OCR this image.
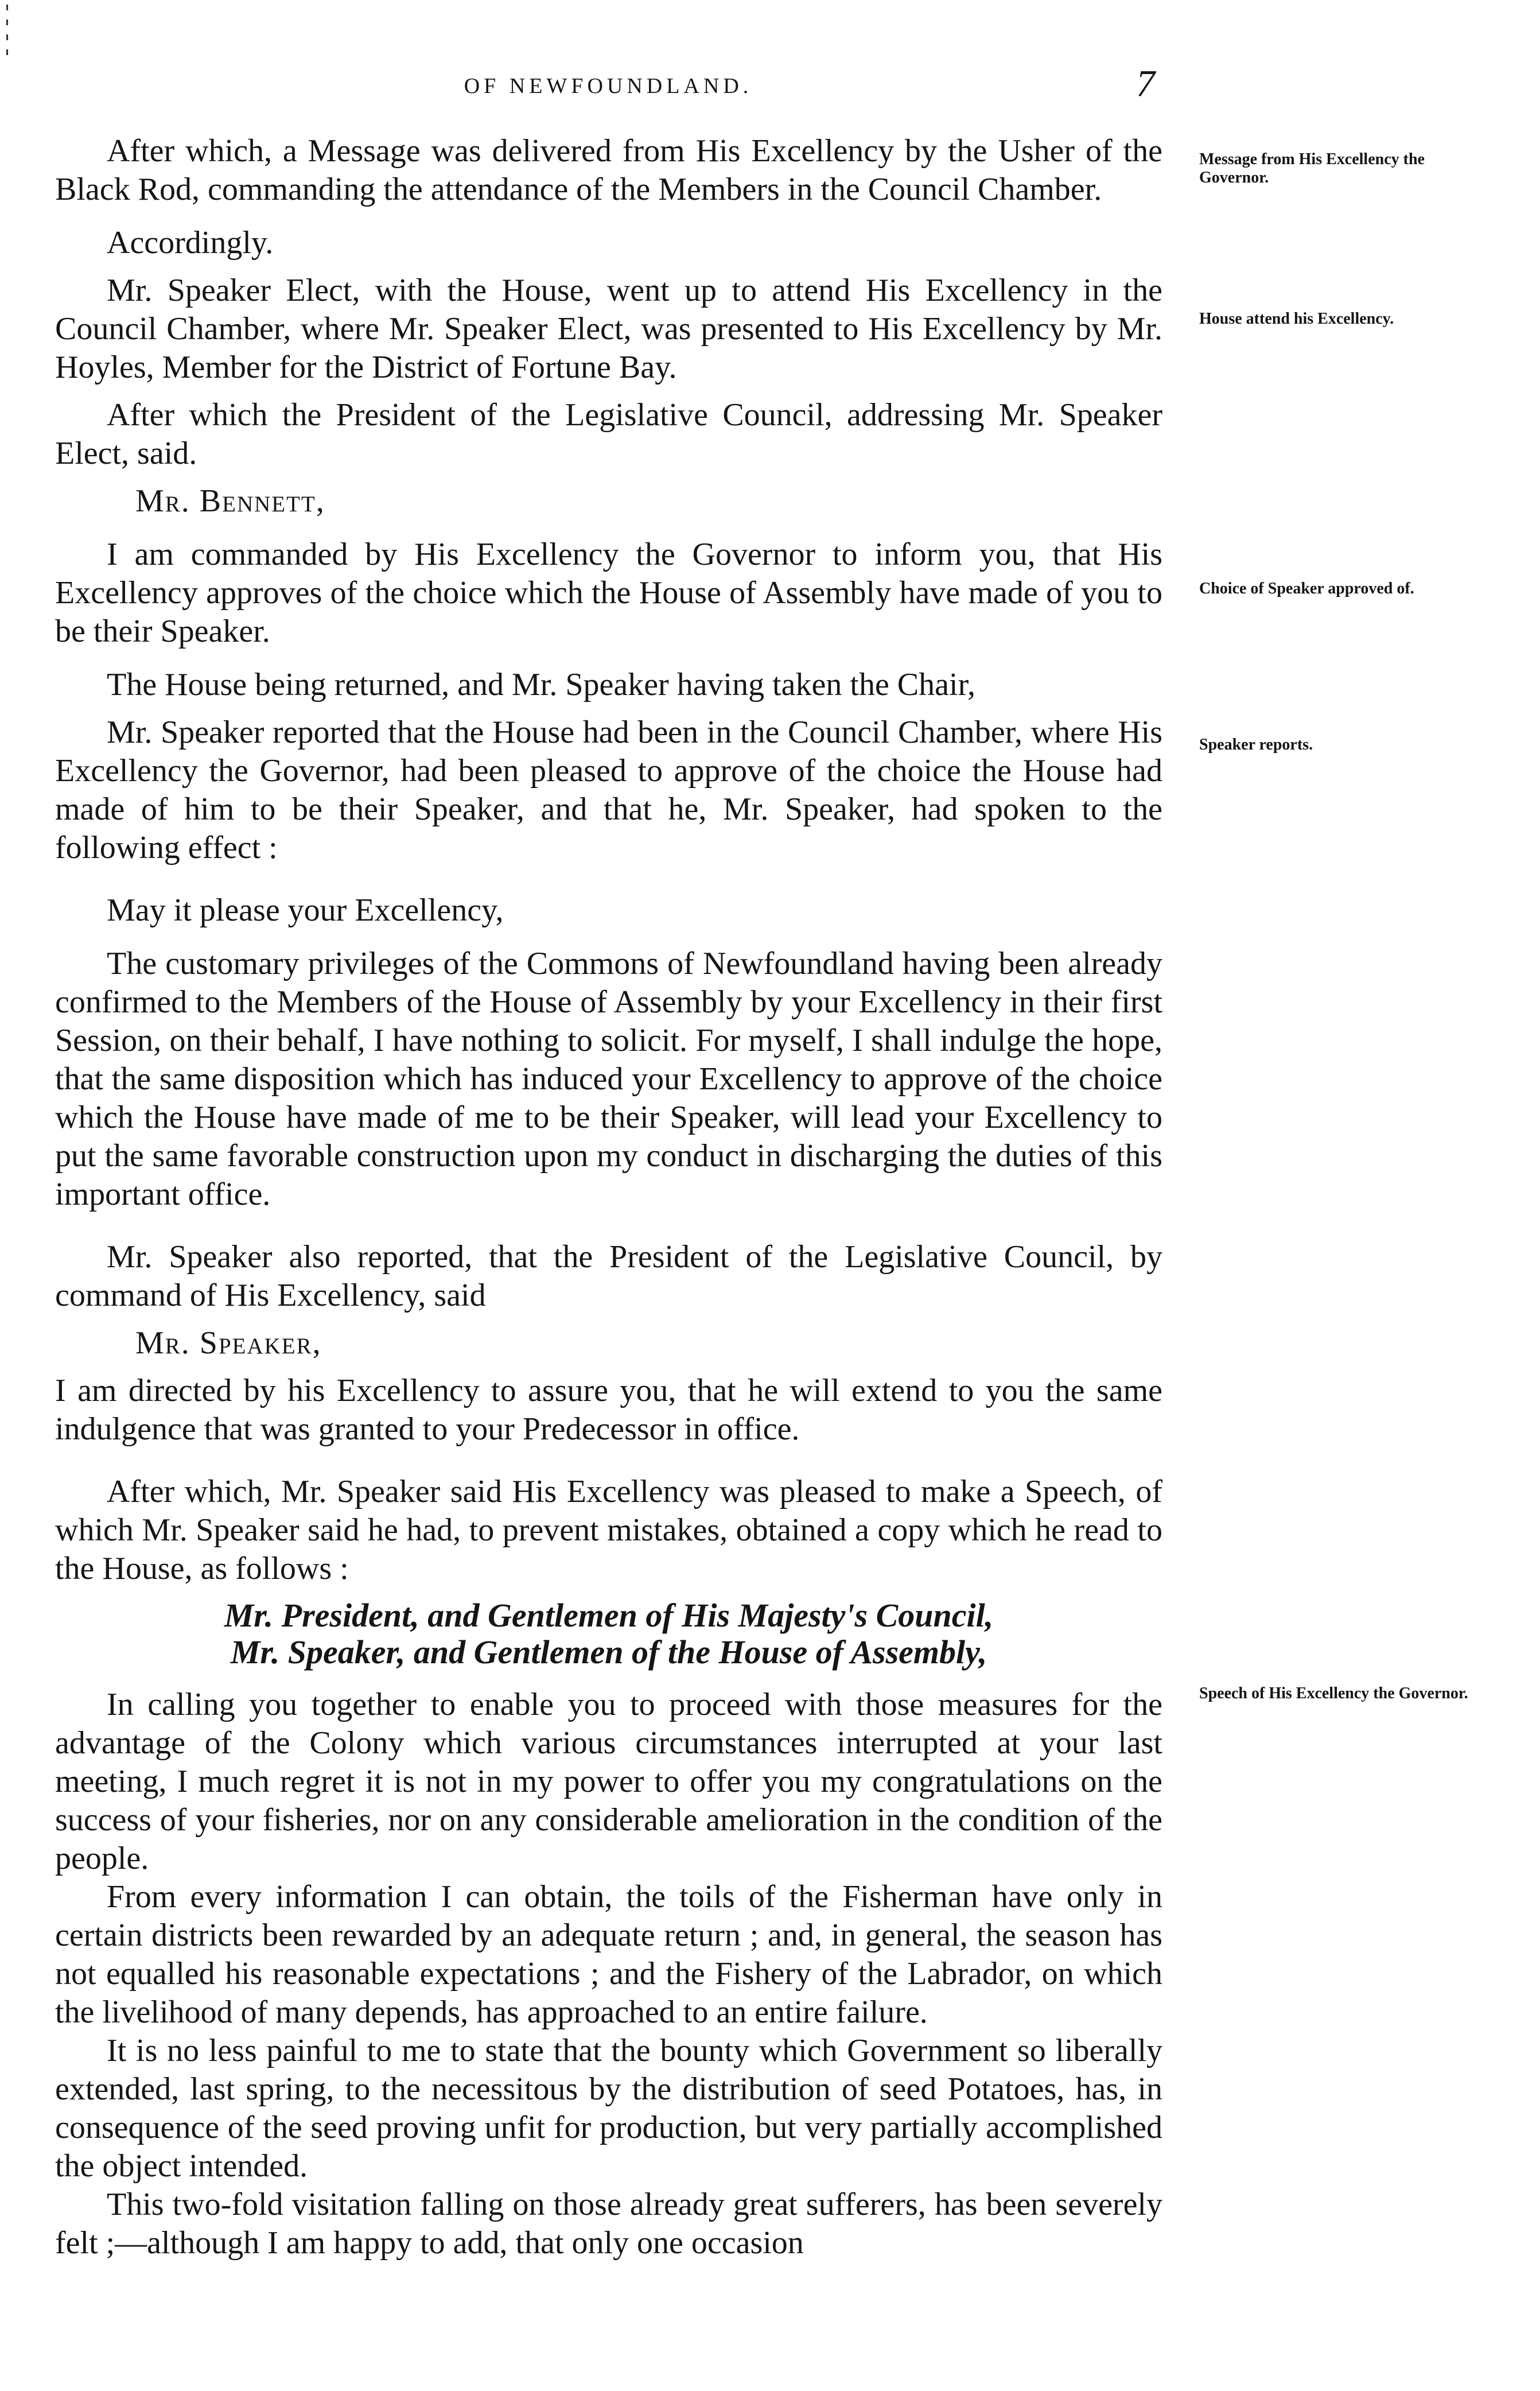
OF NEWFOUNDLAND.	7
Message from His Excellency the Governor.
House attend his Excellency.
Choice of Speaker approved of.
Speaker reports.
Speech of His Excellency the Governor.

After which, a Message was delivered from His Excellency by the Usher of the Black Rod, commanding the attendance of the Members in the Council Chamber.

Accordingly.

Mr. Speaker Elect, with the House, went up to attend His Excellency in the Council Chamber, where Mr. Speaker Elect, was presented to His Excellency by Mr. Hoyles, Member for the District of Fortune Bay.

After which the President of the Legislative Council, addressing Mr. Speaker Elect, said.

Mr. Bennett,

I am commanded by His Excellency the Governor to inform you, that His Excellency approves of the choice which the House of Assembly have made of you to be their Speaker.

The House being returned, and Mr. Speaker having taken the Chair,

Mr. Speaker reported that the House had been in the Council Chamber, where His Excellency the Governor, had been pleased to approve of the choice the House had made of him to be their Speaker, and that he, Mr. Speaker, had spoken to the following effect :

May it please your Excellency,

The customary privileges of the Commons of Newfoundland having been already confirmed to the Members of the House of Assembly by your Excellency in their first Session, on their behalf, I have nothing to solicit. For myself, I shall indulge the hope, that the same disposition which has induced your Excellency to approve of the choice which the House have made of me to be their Speaker, will lead your Excellency to put the same favorable construction upon my conduct in discharging the duties of this important office.

Mr. Speaker also reported, that the President of the Legislative Council, by command of His Excellency, said

Mr. Speaker,

I am directed by his Excellency to assure you, that he will extend to you the same indulgence that was granted to your Predecessor in office.

After which, Mr. Speaker said His Excellency was pleased to make a Speech, of which Mr. Speaker said he had, to prevent mistakes, obtained a copy which he read to the House, as follows :

Mr. President, and Gentlemen of His Majesty's Council,

Mr. Speaker, and Gentlemen of the House of Assembly,

In calling you together to enable you to proceed with those measures for the advantage of the Colony which various circumstances interrupted at your last meeting, I much regret it is not in my power to offer you my congratulations on the success of your fisheries, nor on any considerable amelioration in the condition of the people.

From every information I can obtain, the toils of the Fisherman have only in certain districts been rewarded by an adequate return ; and, in general, the season has not equalled his reasonable expectations ; and the Fishery of the Labrador, on which the livelihood of many depends, has approached to an entire failure.

It is no less painful to me to state that the bounty which Government so liberally extended, last spring, to the necessitous by the distribution of seed Potatoes, has, in consequence of the seed proving unfit for production, but very partially accomplished the object intended.

This two-fold visitation falling on those already great sufferers, has been severely felt ;—although I am happy to add, that only one occasion
